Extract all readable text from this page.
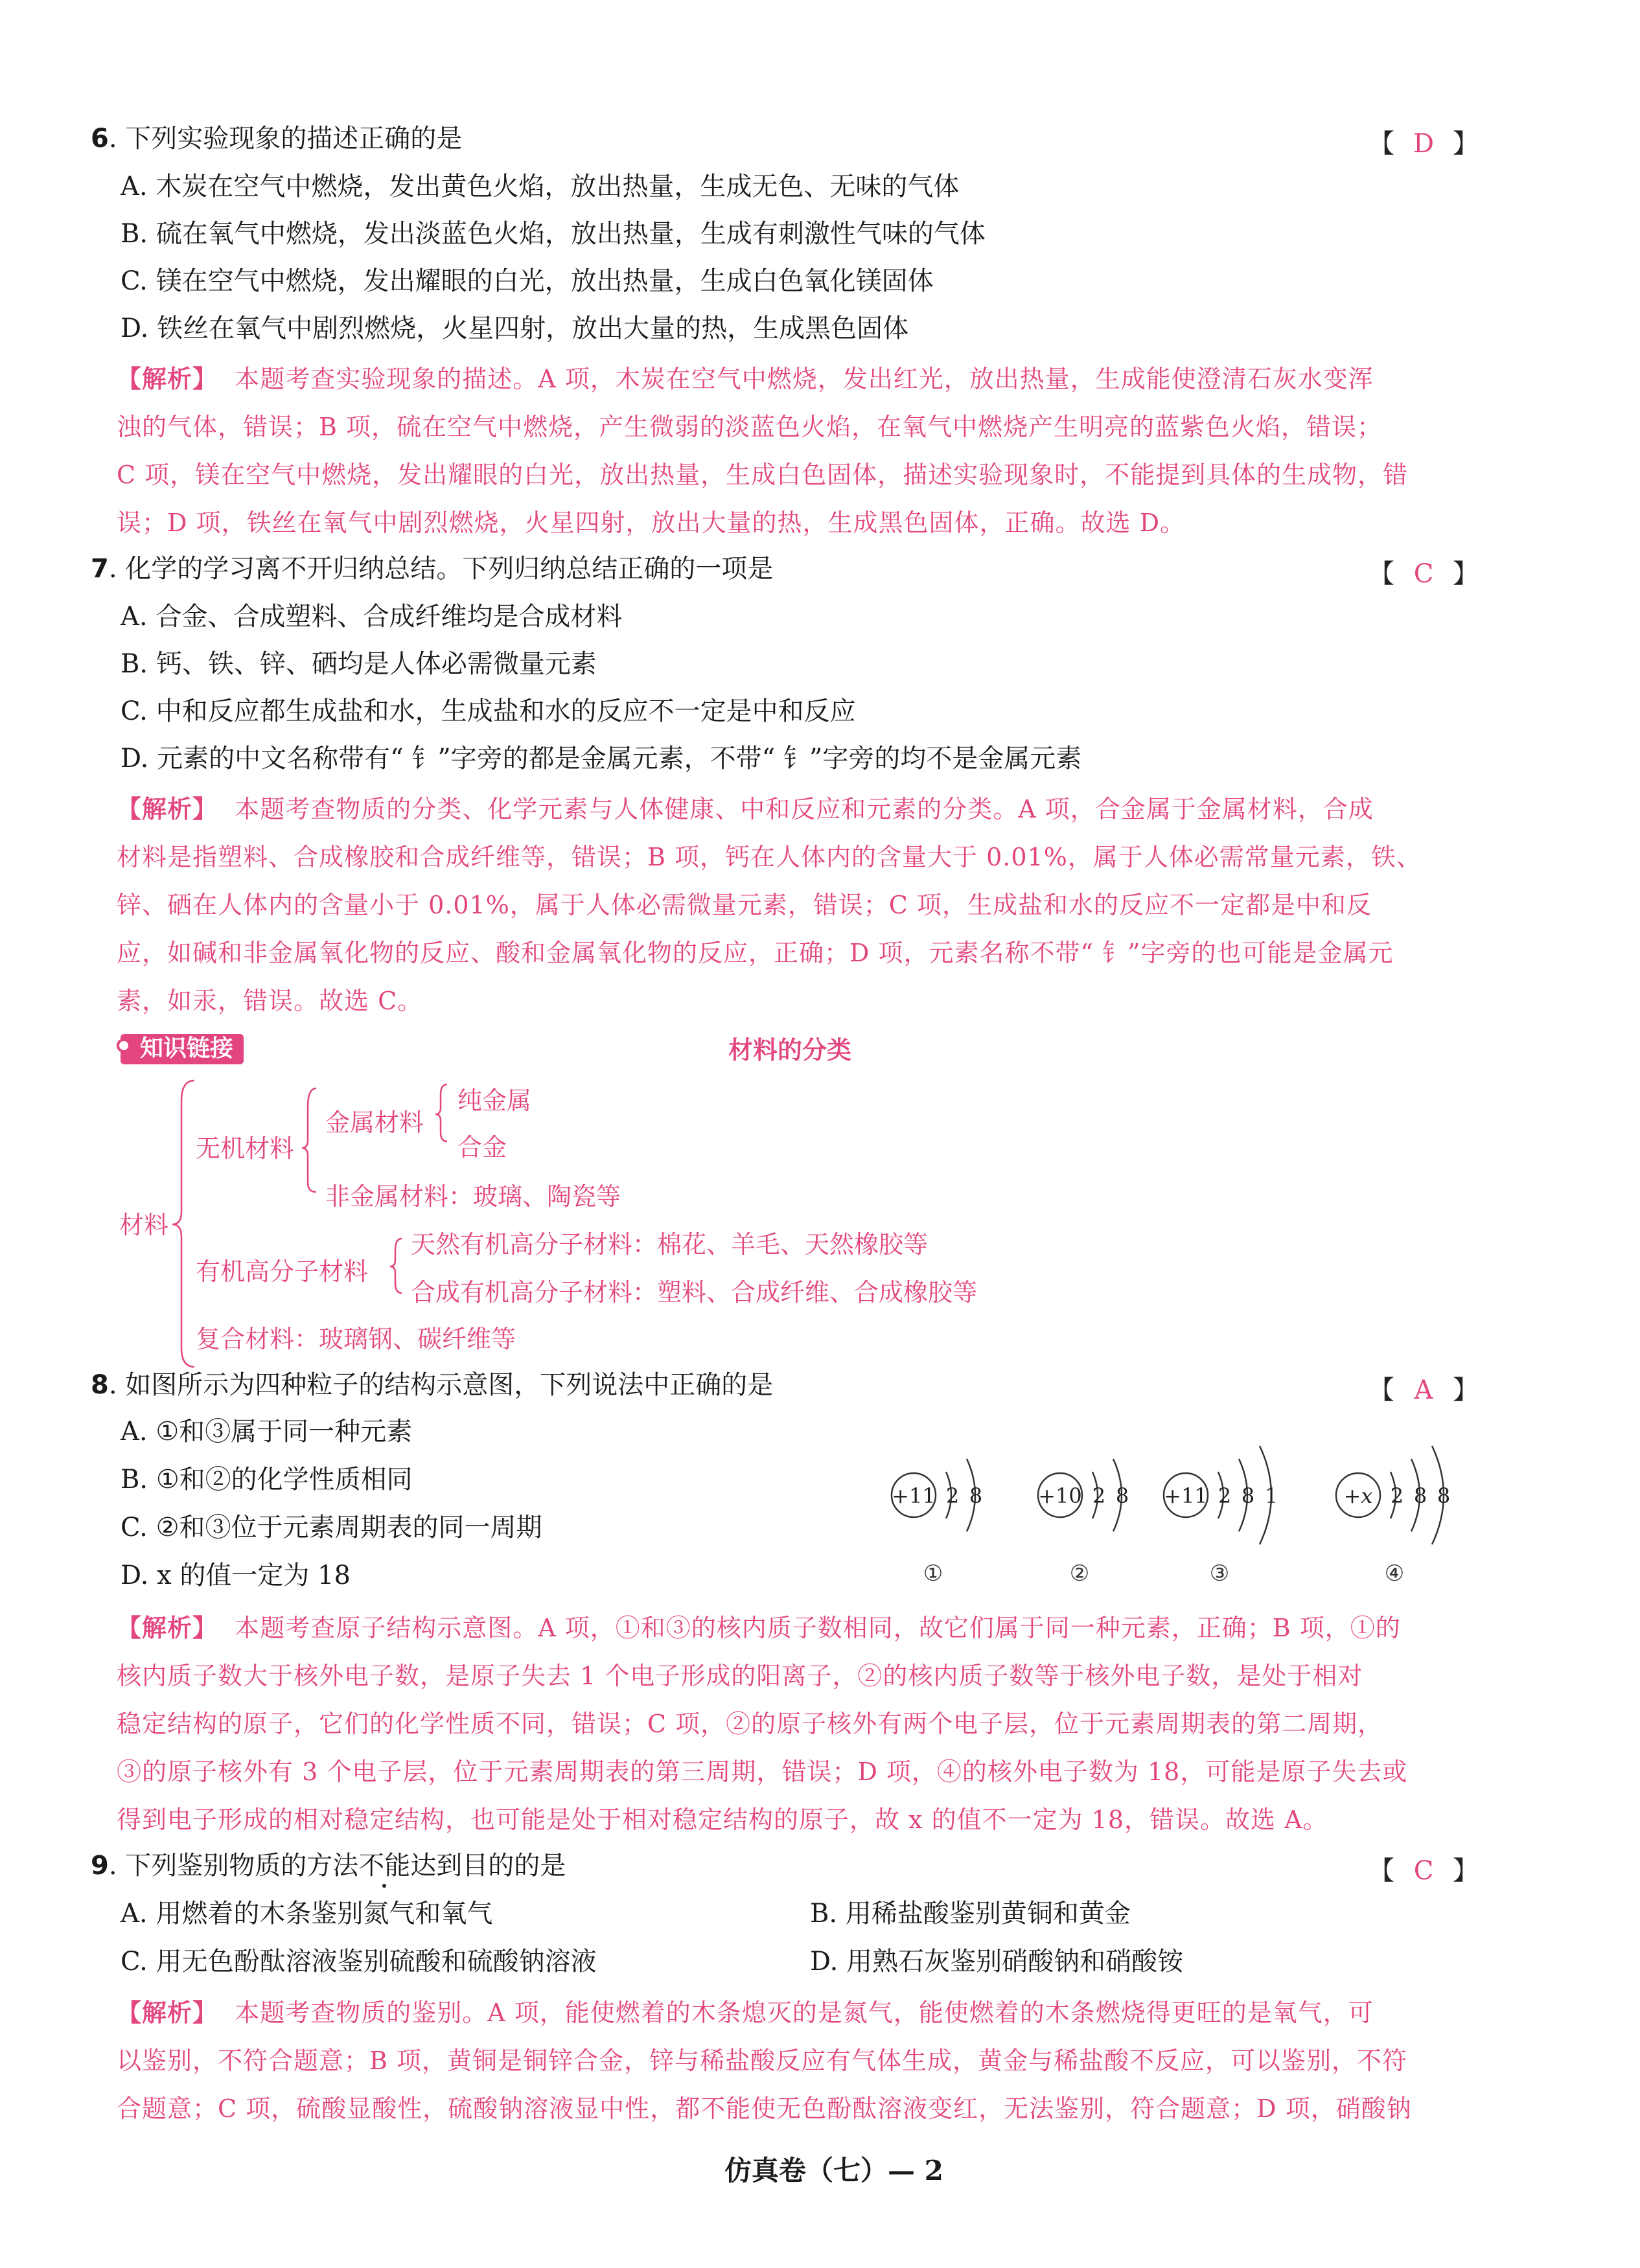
6. 下列实验现象的描述正确的是	【 D 】
A. 木炭在空气中燃烧，发出黄色火焰，放出热量，生成无色、无味的气体
B. 硫在氧气中燃烧，发出淡蓝色火焰，放出热量，生成有刺激性气味的气体
C. 镁在空气中燃烧，发出耀眼的白光，放出热量，生成白色氧化镁固体
D. 铁丝在氧气中剧烈燃烧，火星四射，放出大量的热，生成黑色固体
【解析】 本题考查实验现象的描述。A 项，木炭在空气中燃烧，发出红光，放出热量，生成能使澄清石灰水变浑
浊的气体，错误；B 项，硫在空气中燃烧，产生微弱的淡蓝色火焰，在氧气中燃烧产生明亮的蓝紫色火焰，错误；
C 项，镁在空气中燃烧，发出耀眼的白光，放出热量，生成白色固体，描述实验现象时，不能提到具体的生成物，错
误；D 项，铁丝在氧气中剧烈燃烧，火星四射，放出大量的热，生成黑色固体，正确。故选 D。
7. 化学的学习离不开归纳总结。下列归纳总结正确的一项是	【 C 】
A. 合金、合成塑料、合成纤维均是合成材料
B. 钙、铁、锌、硒均是人体必需微量元素
C. 中和反应都生成盐和水，生成盐和水的反应不一定是中和反应
D. 元素的中文名称带有“ 钅”字旁的都是金属元素，不带“ 钅”字旁的均不是金属元素
【解析】 本题考查物质的分类、化学元素与人体健康、中和反应和元素的分类。A 项，合金属于金属材料，合成
材料是指塑料、合成橡胶和合成纤维等，错误；B 项，钙在人体内的含量大于 0.01%，属于人体必需常量元素，铁、
锌、硒在人体内的含量小于 0.01%，属于人体必需微量元素，错误；C 项，生成盐和水的反应不一定都是中和反
应，如碱和非金属氧化物的反应、酸和金属氧化物的反应，正确；D 项，元素名称不带“ 钅”字旁的也可能是金属元
素，如汞，错误。故选 C。
知识链接	材料的分类
材料
无机材料
金属材料
纯金属
合金
非金属材料：玻璃、陶瓷等
有机高分子材料
天然有机高分子材料：棉花、羊毛、天然橡胶等
合成有机高分子材料：塑料、合成纤维、合成橡胶等
复合材料：玻璃钢、碳纤维等
8. 如图所示为四种粒子的结构示意图，下列说法中正确的是	【 A 】
A. ①和③属于同一种元素
B. ①和②的化学性质相同
C. ②和③位于元素周期表的同一周期
D. x 的值一定为 18
+11 2 8
①
+10 2 8
②
+11 2 8 1
③
+x 2 8 8
④
【解析】 本题考查原子结构示意图。A 项，①和③的核内质子数相同，故它们属于同一种元素，正确；B 项，①的
核内质子数大于核外电子数，是原子失去 1 个电子形成的阳离子，②的核内质子数等于核外电子数，是处于相对
稳定结构的原子，它们的化学性质不同，错误；C 项，②的原子核外有两个电子层，位于元素周期表的第二周期，
③的原子核外有 3 个电子层，位于元素周期表的第三周期，错误；D 项，④的核外电子数为 18，可能是原子失去或
得到电子形成的相对稳定结构，也可能是处于相对稳定结构的原子，故 x 的值不一定为 18，错误。故选 A。
9. 下列鉴别物质的方法不能达到目的的是	【 C 】
A. 用燃着的木条鉴别氮气和氧气	B. 用稀盐酸鉴别黄铜和黄金
C. 用无色酚酞溶液鉴别硫酸和硫酸钠溶液	D. 用熟石灰鉴别硝酸钠和硝酸铵
【解析】 本题考查物质的鉴别。A 项，能使燃着的木条熄灭的是氮气，能使燃着的木条燃烧得更旺的是氧气，可
以鉴别，不符合题意；B 项，黄铜是铜锌合金，锌与稀盐酸反应有气体生成，黄金与稀盐酸不反应，可以鉴别，不符
合题意；C 项，硫酸显酸性，硫酸钠溶液显中性，都不能使无色酚酞溶液变红，无法鉴别，符合题意；D 项，硝酸钠
仿真卷（七）— 2
